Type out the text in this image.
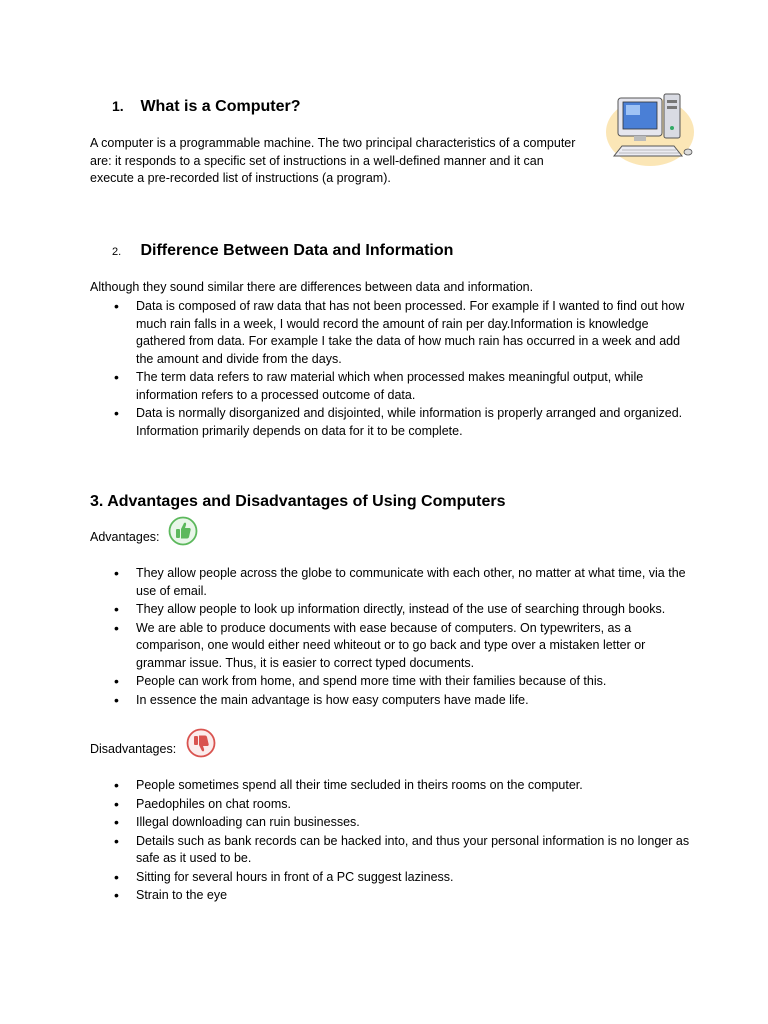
1. What is a Computer?
A computer is a programmable machine. The two principal characteristics of a computer are: it responds to a specific set of instructions in a well-defined manner and it can execute a pre-recorded list of instructions (a program).
2. Difference Between Data and Information
Although they sound similar there are differences between data and information.
• Data is composed of raw data that has not been processed. For example if I wanted to find out how much rain falls in a week, I would record the amount of rain per day.Information is knowledge gathered from data. For example I take the data of how much rain has occurred in a week and add the amount and divide from the days.
• The term data refers to raw material which when processed makes meaningful output, while information refers to a processed outcome of data.
• Data is normally disorganized and disjointed, while information is properly arranged and organized. Information primarily depends on data for it to be complete.
3. Advantages and Disadvantages of Using Computers
Advantages:
• They allow people across the globe to communicate with each other, no matter at what time, via the use of email.
• They allow people to look up information directly, instead of the use of searching through books.
• We are able to produce documents with ease because of computers. On typewriters, as a comparison, one would either need whiteout or to go back and type over a mistaken letter or grammar issue. Thus, it is easier to correct typed documents.
• People can work from home, and spend more time with their families because of this.
• In essence the main advantage is how easy computers have made life.
Disadvantages:
• People sometimes spend all their time secluded in theirs rooms on the computer.
• Paedophiles on chat rooms.
• Illegal downloading can ruin businesses.
• Details such as bank records can be hacked into, and thus your personal information is no longer as safe as it used to be.
• Sitting for several hours in front of a PC suggest laziness.
• Strain to the eye
